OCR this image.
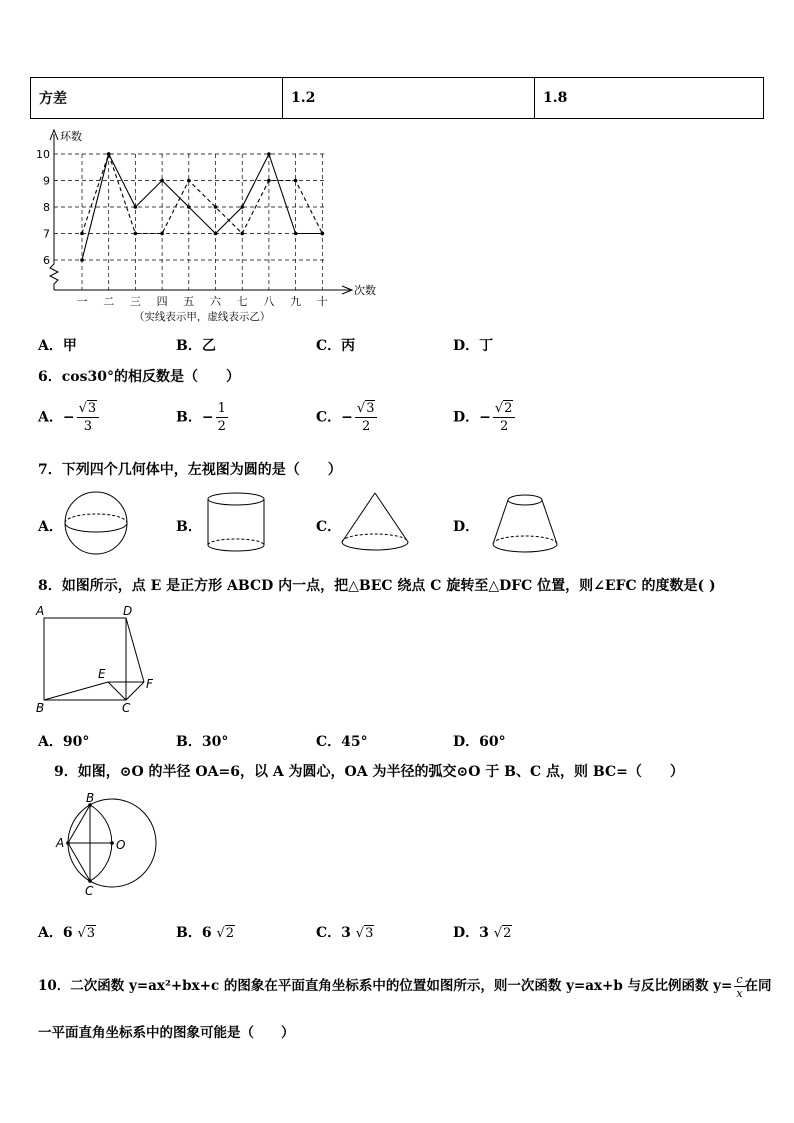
方差	1.2	1.8
环数
次数
6
7
8
9
10
一 二 三 四 五 六 七 八 九 十
（实线表示甲，虚线表示乙）
A．甲	B．乙	C．丙	D．丁
6．cos30°的相反数是（　　）
A．− $\frac{√3}{3}$	B．− $\frac{1}{2}$	C．− $\frac{√3}{2}$	D．− $\frac{√2}{2}$
7．下列四个几何体中，左视图为圆的是（　　）
A．	B．	C．	D．
8．如图所示，点 E 是正方形 ABCD 内一点，把△BEC 绕点 C 旋转至△DFC 位置，则∠EFC 的度数是( )
A	D
B	C
E
F
A．90°	B．30°	C．45°	D．60°
9．如图，⊙O 的半径 OA=6，以 A 为圆心，OA 为半径的弧交⊙O 于 B、C 点，则 BC=（　　）
B
A	O
C
A．6 √3	B．6 √2	C．3 √3	D．3 √2
10．二次函数 y=ax²+bx+c 的图象在平面直角坐标系中的位置如图所示，则一次函数 y=ax+b 与反比例函数 $y= \frac{c}{x}$ 在同
一平面直角坐标系中的图象可能是（　　）
